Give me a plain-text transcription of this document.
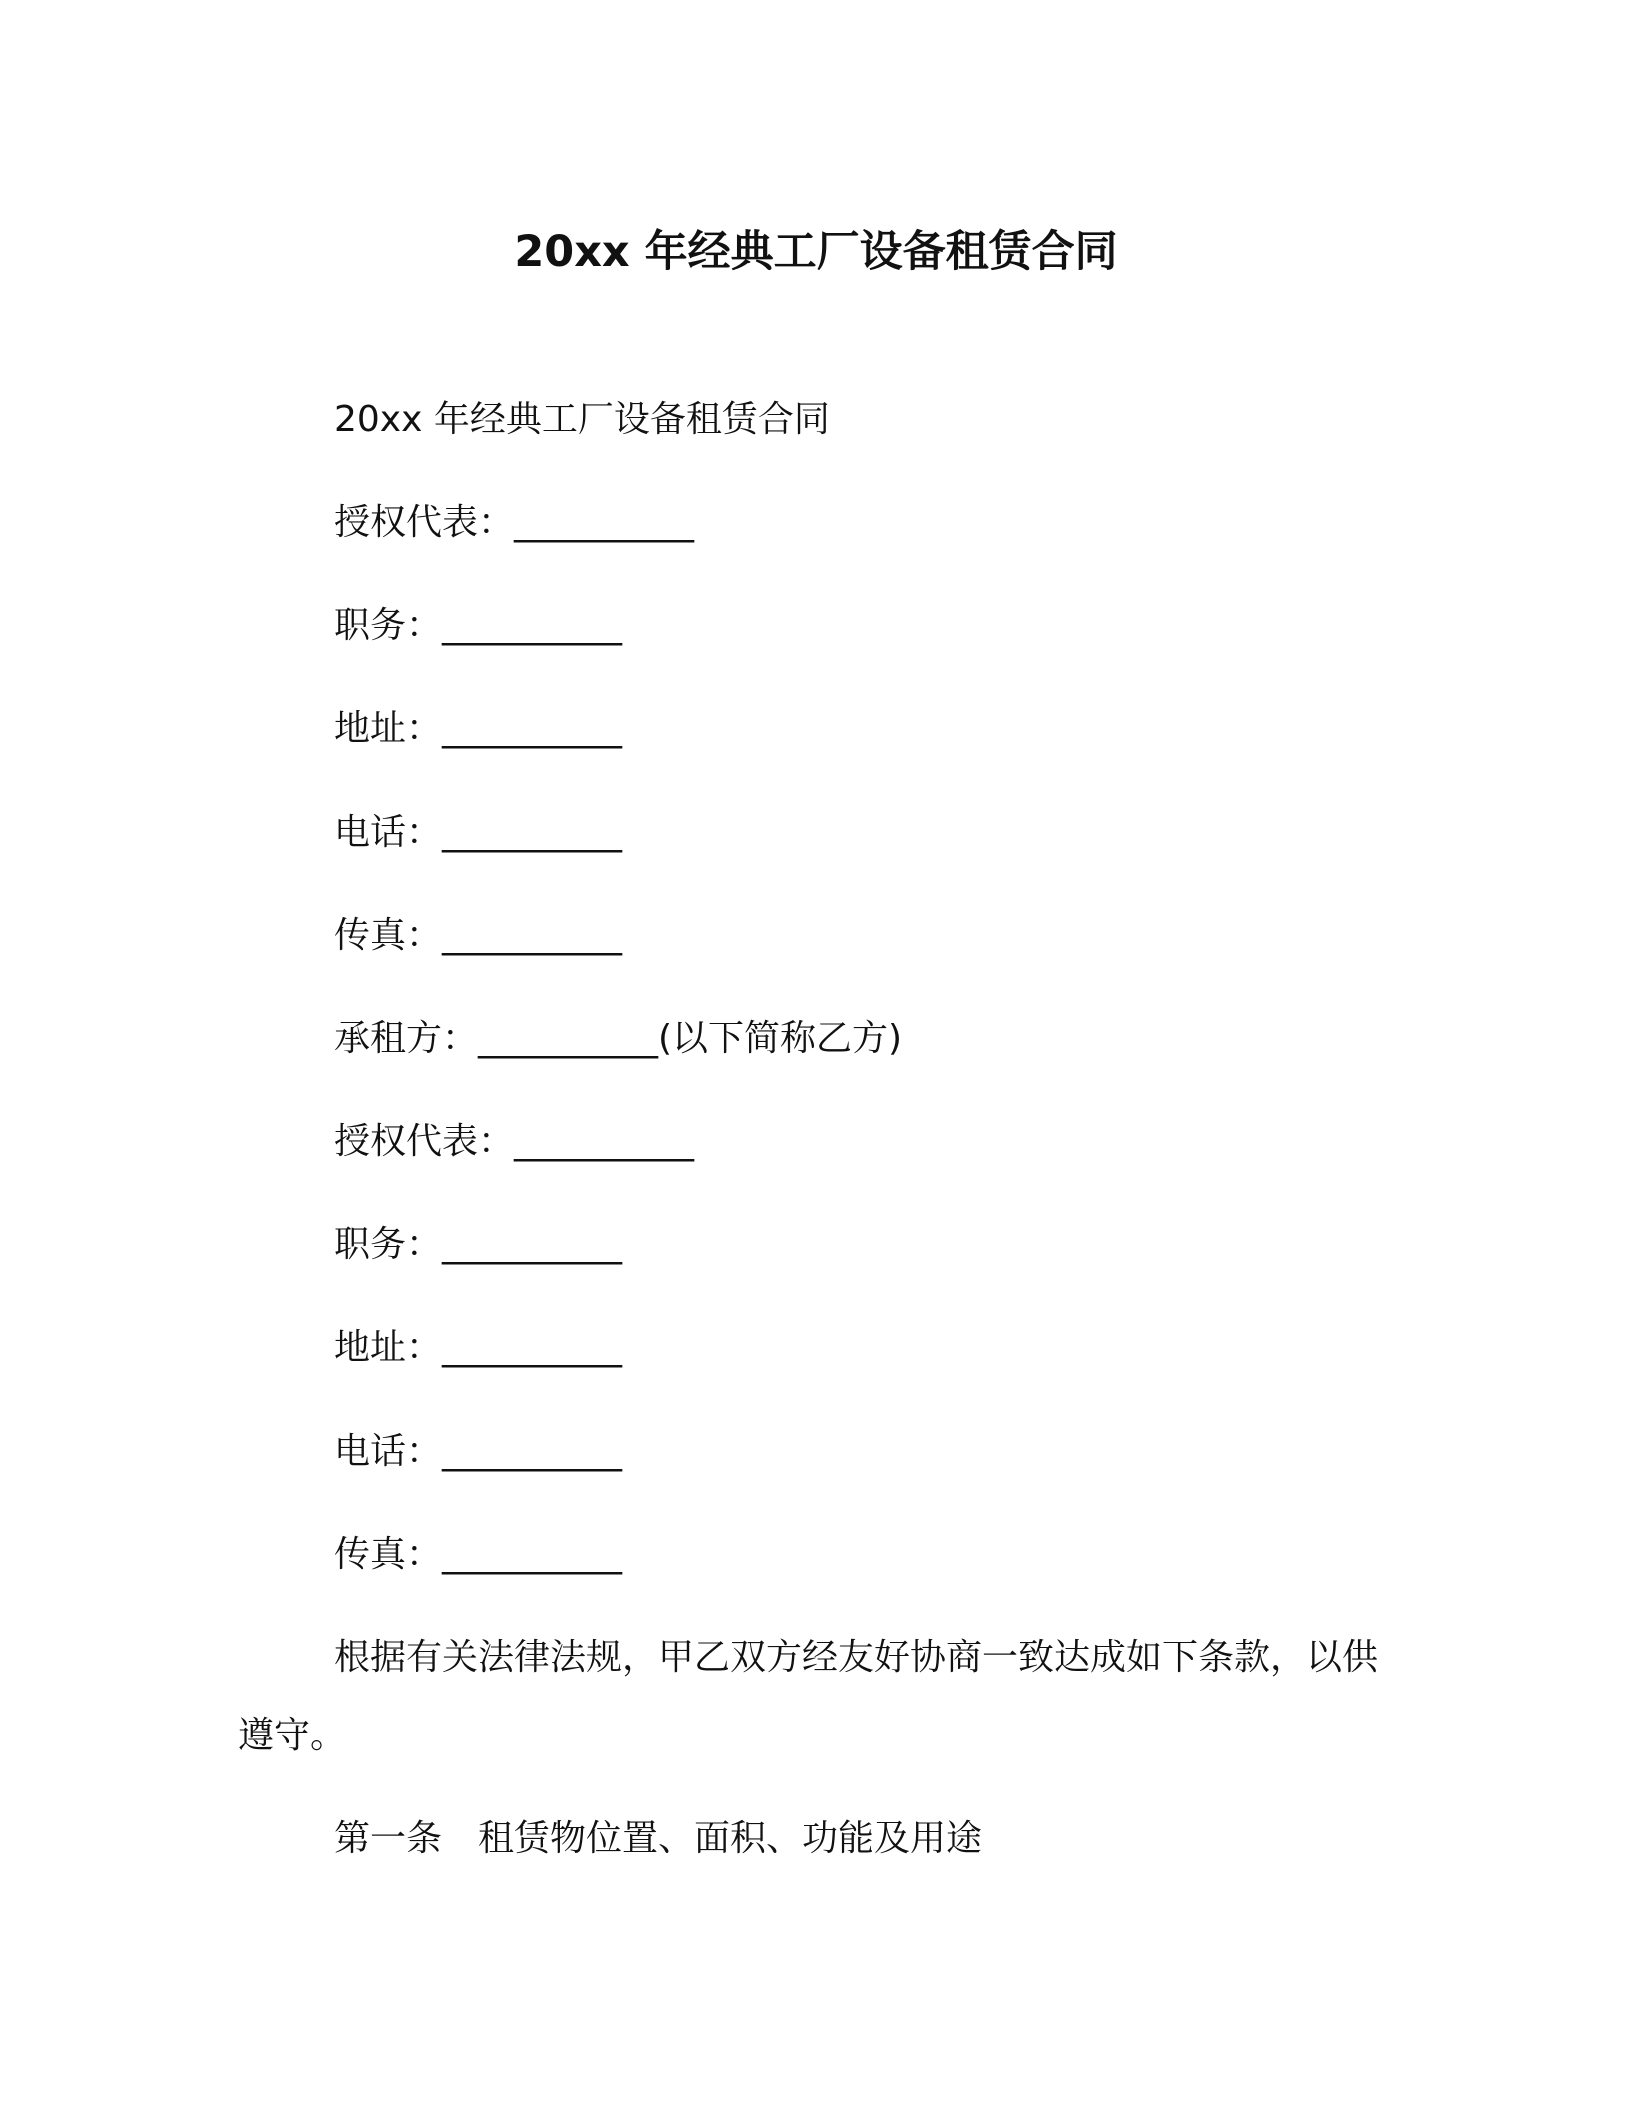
20xx 年经典工厂设备租赁合同
20xx 年经典工厂设备租赁合同
授权代表：__________
职务：__________
地址：__________
电话：__________
传真：__________
承租方：__________(以下简称乙方)
授权代表：__________
职务：__________
地址：__________
电话：__________
传真：__________
根据有关法律法规，甲乙双方经友好协商一致达成如下条款，以供遵守。
第一条　租赁物位置、面积、功能及用途
